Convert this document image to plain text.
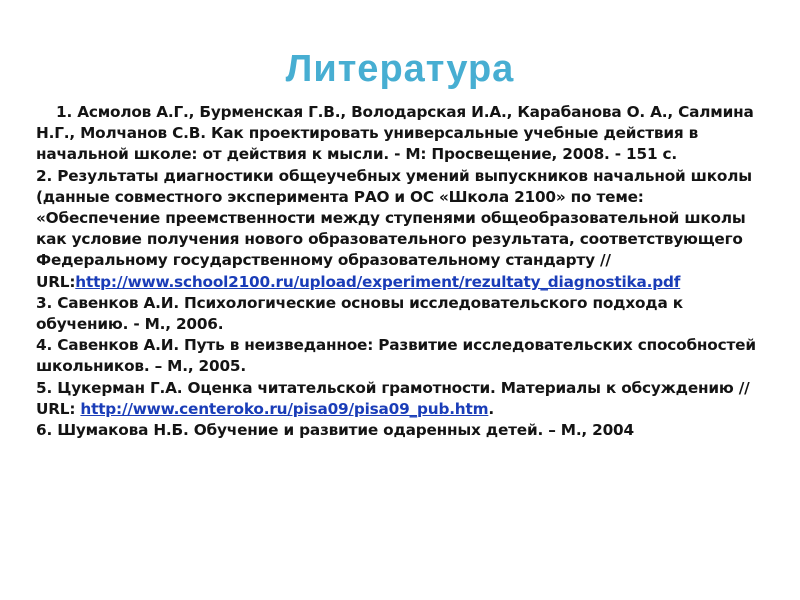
Литература
1. Асмолов А.Г., Бурменская Г.В., Володарская И.А., Карабанова О. А., Салмина Н.Г., Молчанов С.В. Как проектировать универсальные учебные действия в начальной школе: от действия к мысли. - М: Просвещение, 2008. - 151 с.
2. Результаты диагностики общеучебных умений выпускников начальной школы (данные совместного эксперимента РАО и ОС «Школа 2100» по теме: «Обеспечение преемственности между ступенями общеобразовательной школы как условие получения нового образовательного результата, соответствующего Федеральному государственному образовательному стандарту // URL:http://www.school2100.ru/upload/experiment/rezultaty_diagnostika.pdf
3. Савенков А.И. Психологические основы исследовательского подхода к обучению. - М., 2006.
4. Савенков А.И. Путь в неизведанное: Развитие исследовательских способностей школьников. – М., 2005.
5. Цукерман Г.А. Оценка читательской грамотности. Материалы к обсуждению // URL: http://www.centeroko.ru/pisa09/pisa09_pub.htm.
6. Шумакова Н.Б. Обучение и развитие одаренных детей. – М., 2004
